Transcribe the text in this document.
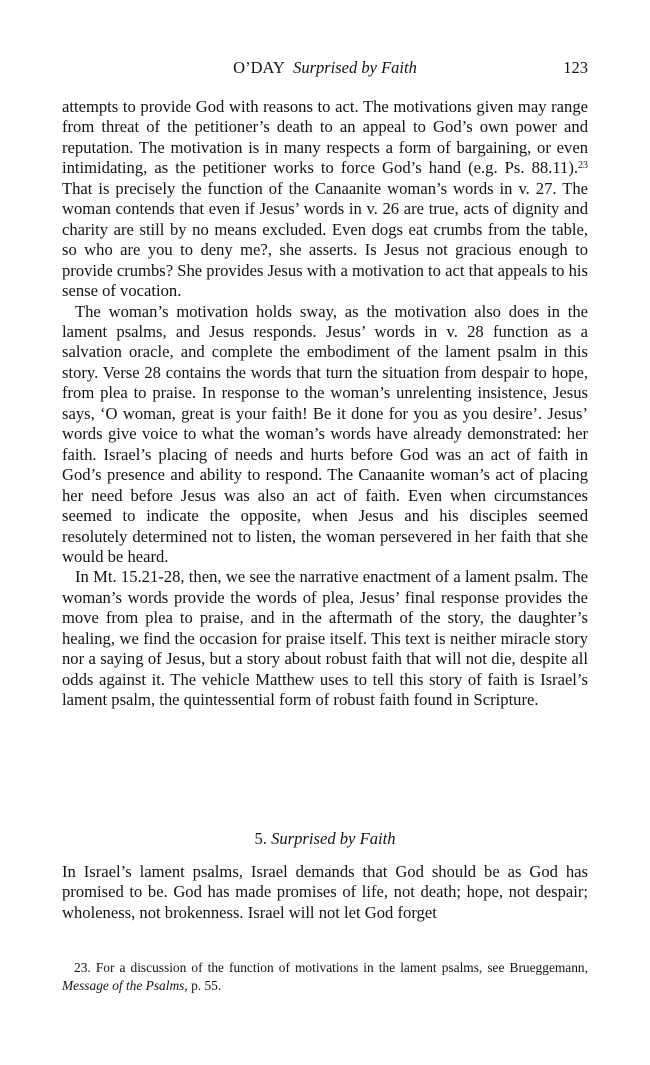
O’DAY Surprised by Faith	123

attempts to provide God with reasons to act. The motivations given may range from threat of the petitioner’s death to an appeal to God’s own power and reputation. The motivation is in many respects a form of bargaining, or even intimidating, as the petitioner works to force God’s hand (e.g. Ps. 88.11).$^{23}$ That is precisely the function of the Canaanite woman’s words in v. 27. The woman contends that even if Jesus’ words in v. 26 are true, acts of dignity and charity are still by no means excluded. Even dogs eat crumbs from the table, so who are you to deny me?, she asserts. Is Jesus not gracious enough to provide crumbs? She provides Jesus with a motivation to act that appeals to his sense of vocation.

The woman’s motivation holds sway, as the motivation also does in the lament psalms, and Jesus responds. Jesus’ words in v. 28 function as a salvation oracle, and complete the embodiment of the lament psalm in this story. Verse 28 contains the words that turn the situation from despair to hope, from plea to praise. In response to the woman’s unrelenting insistence, Jesus says, ‘O woman, great is your faith! Be it done for you as you desire’. Jesus’ words give voice to what the woman’s words have already demonstrated: her faith. Israel’s placing of needs and hurts before God was an act of faith in God’s presence and ability to respond. The Canaanite woman’s act of placing her need before Jesus was also an act of faith. Even when circumstances seemed to indicate the opposite, when Jesus and his disciples seemed resolutely determined not to listen, the woman persevered in her faith that she would be heard.

In Mt. 15.21-28, then, we see the narrative enactment of a lament psalm. The woman’s words provide the words of plea, Jesus’ final response provides the move from plea to praise, and in the aftermath of the story, the daughter’s healing, we find the occasion for praise itself. This text is neither miracle story nor a saying of Jesus, but a story about robust faith that will not die, despite all odds against it. The vehicle Matthew uses to tell this story of faith is Israel’s lament psalm, the quintessential form of robust faith found in Scripture.

5. Surprised by Faith

In Israel’s lament psalms, Israel demands that God should be as God has promised to be. God has made promises of life, not death; hope, not despair; wholeness, not brokenness. Israel will not let God forget

23. For a discussion of the function of motivations in the lament psalms, see Brueggemann, Message of the Psalms, p. 55.
